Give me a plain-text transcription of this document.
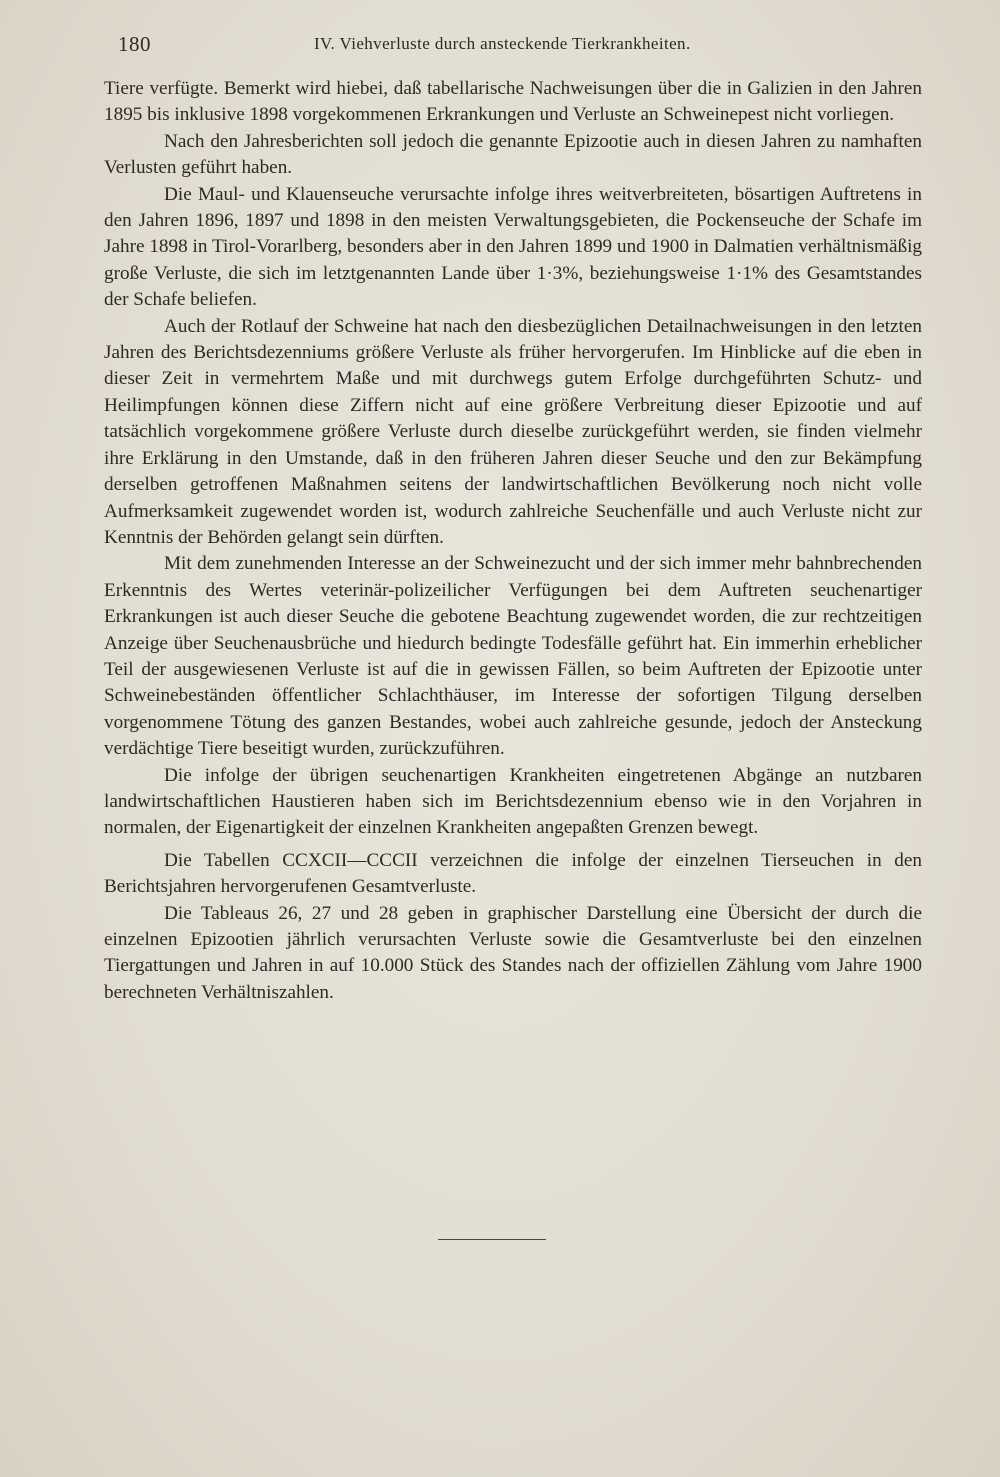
180	IV. Viehverluste durch ansteckende Tierkrankheiten.

Tiere verfügte. Bemerkt wird hiebei, daß tabellarische Nachweisungen über die in Galizien in den Jahren 1895 bis inklusive 1898 vorgekommenen Erkrankungen und Verluste an Schweinepest nicht vorliegen.

Nach den Jahresberichten soll jedoch die genannte Epizootie auch in diesen Jahren zu namhaften Verlusten geführt haben.

Die Maul- und Klauenseuche verursachte infolge ihres weitverbreiteten, bösartigen Auftretens in den Jahren 1896, 1897 und 1898 in den meisten Verwaltungsgebieten, die Pockenseuche der Schafe im Jahre 1898 in Tirol-Vorarlberg, besonders aber in den Jahren 1899 und 1900 in Dalmatien verhältnismäßig große Verluste, die sich im letztgenannten Lande über 1·3%, beziehungsweise 1·1% des Gesamtstandes der Schafe beliefen.

Auch der Rotlauf der Schweine hat nach den diesbezüglichen Detailnachweisungen in den letzten Jahren des Berichtsdezenniums größere Verluste als früher hervorgerufen. Im Hinblicke auf die eben in dieser Zeit in vermehrtem Maße und mit durchwegs gutem Erfolge durchgeführten Schutz- und Heilimpfungen können diese Ziffern nicht auf eine größere Verbreitung dieser Epizootie und auf tatsächlich vorgekommene größere Verluste durch dieselbe zurückgeführt werden, sie finden vielmehr ihre Erklärung in den Umstande, daß in den früheren Jahren dieser Seuche und den zur Bekämpfung derselben getroffenen Maßnahmen seitens der landwirtschaftlichen Bevölkerung noch nicht volle Aufmerksamkeit zugewendet worden ist, wodurch zahlreiche Seuchenfälle und auch Verluste nicht zur Kenntnis der Behörden gelangt sein dürften.

Mit dem zunehmenden Interesse an der Schweinezucht und der sich immer mehr bahnbrechenden Erkenntnis des Wertes veterinär-polizeilicher Verfügungen bei dem Auftreten seuchenartiger Erkrankungen ist auch dieser Seuche die gebotene Beachtung zugewendet worden, die zur rechtzeitigen Anzeige über Seuchenausbrüche und hiedurch bedingte Todesfälle geführt hat. Ein immerhin erheblicher Teil der ausgewiesenen Verluste ist auf die in gewissen Fällen, so beim Auftreten der Epizootie unter Schweinebeständen öffentlicher Schlachthäuser, im Interesse der sofortigen Tilgung derselben vorgenommene Tötung des ganzen Bestandes, wobei auch zahlreiche gesunde, jedoch der Ansteckung verdächtige Tiere beseitigt wurden, zurückzuführen.

Die infolge der übrigen seuchenartigen Krankheiten eingetretenen Abgänge an nutzbaren landwirtschaftlichen Haustieren haben sich im Berichtsdezennium ebenso wie in den Vorjahren in normalen, der Eigenartigkeit der einzelnen Krankheiten angepaßten Grenzen bewegt.

Die Tabellen CCXCII—CCCII verzeichnen die infolge der einzelnen Tierseuchen in den Berichtsjahren hervorgerufenen Gesamtverluste.

Die Tableaus 26, 27 und 28 geben in graphischer Darstellung eine Übersicht der durch die einzelnen Epizootien jährlich verursachten Verluste sowie die Gesamtverluste bei den einzelnen Tiergattungen und Jahren in auf 10.000 Stück des Standes nach der offiziellen Zählung vom Jahre 1900 berechneten Verhältniszahlen.
